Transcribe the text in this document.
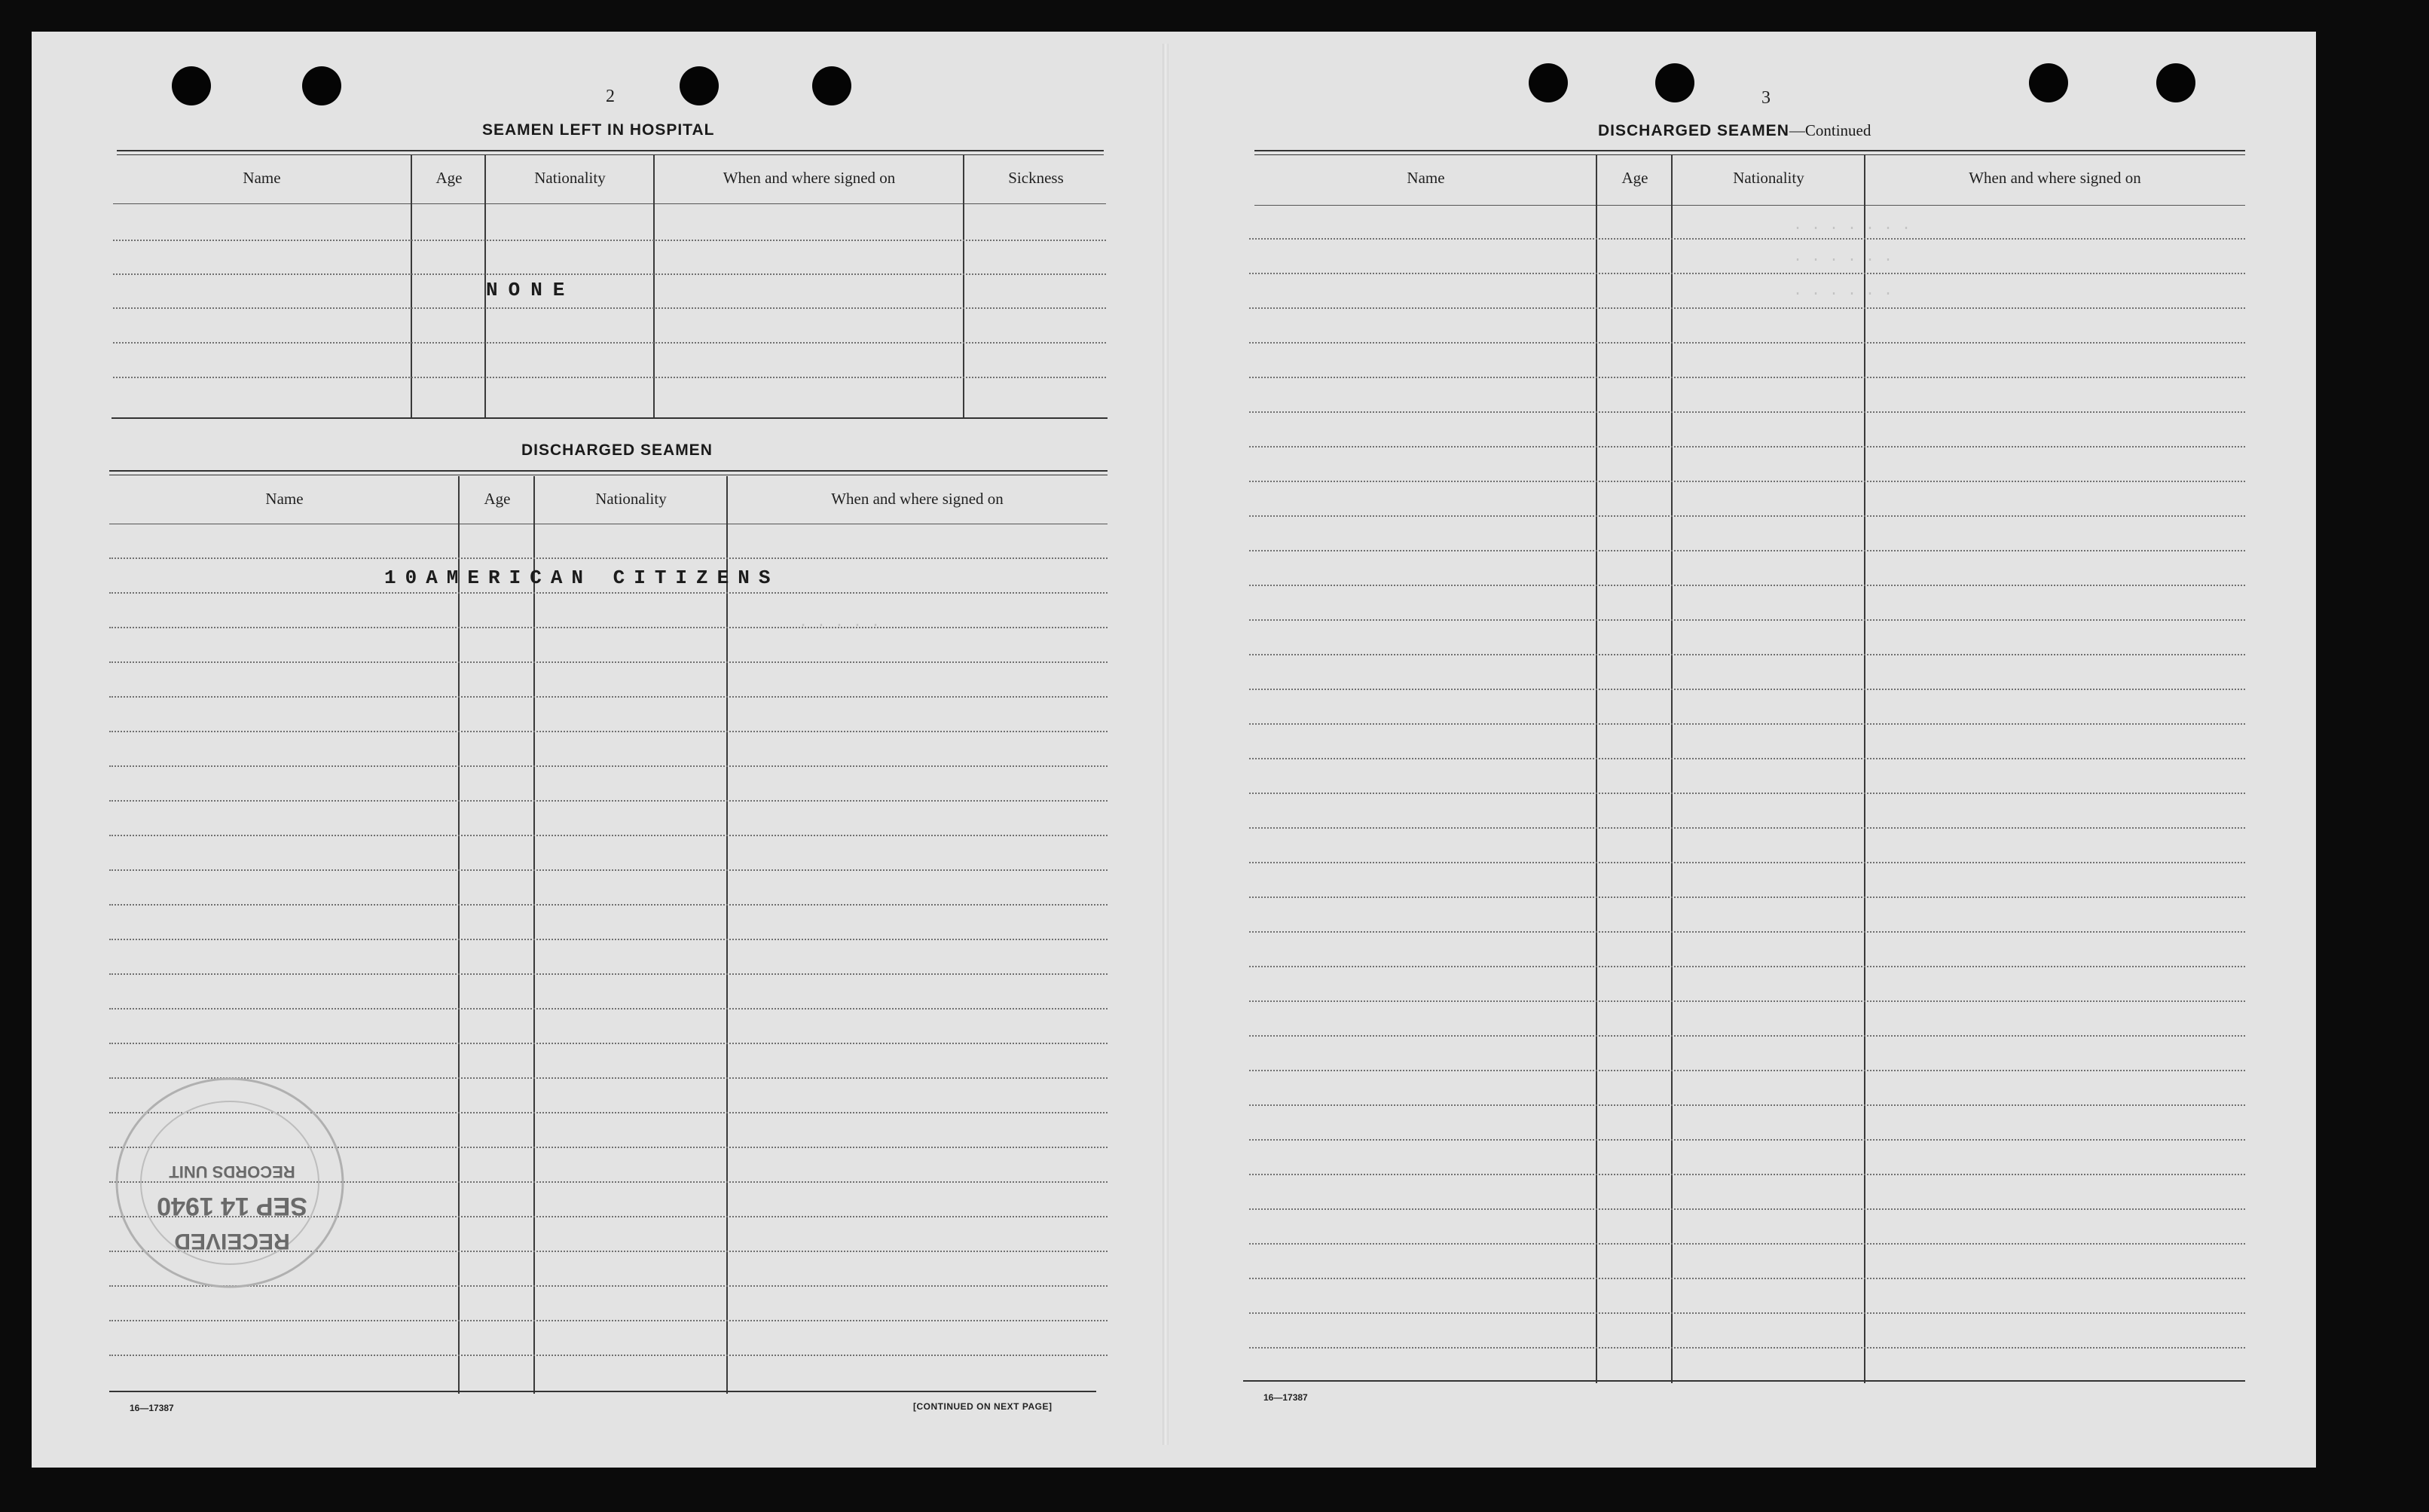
2
SEAMEN LEFT IN HOSPITAL
Name	Age	Nationality	When and where signed on	Sickness
NONE
DISCHARGED SEAMEN
Name	Age	Nationality	When and where signed on
10AMERICAN CITIZENS
16—17387	[CONTINUED ON NEXT PAGE]
RECEIVED
SEP 14 1940
RECORDS UNIT
3
DISCHARGED SEAMEN—Continued
Name	Age	Nationality	When and where signed on
16—17387
. . . . . . .
. . . . . .
. . . . . .
. . . . .
